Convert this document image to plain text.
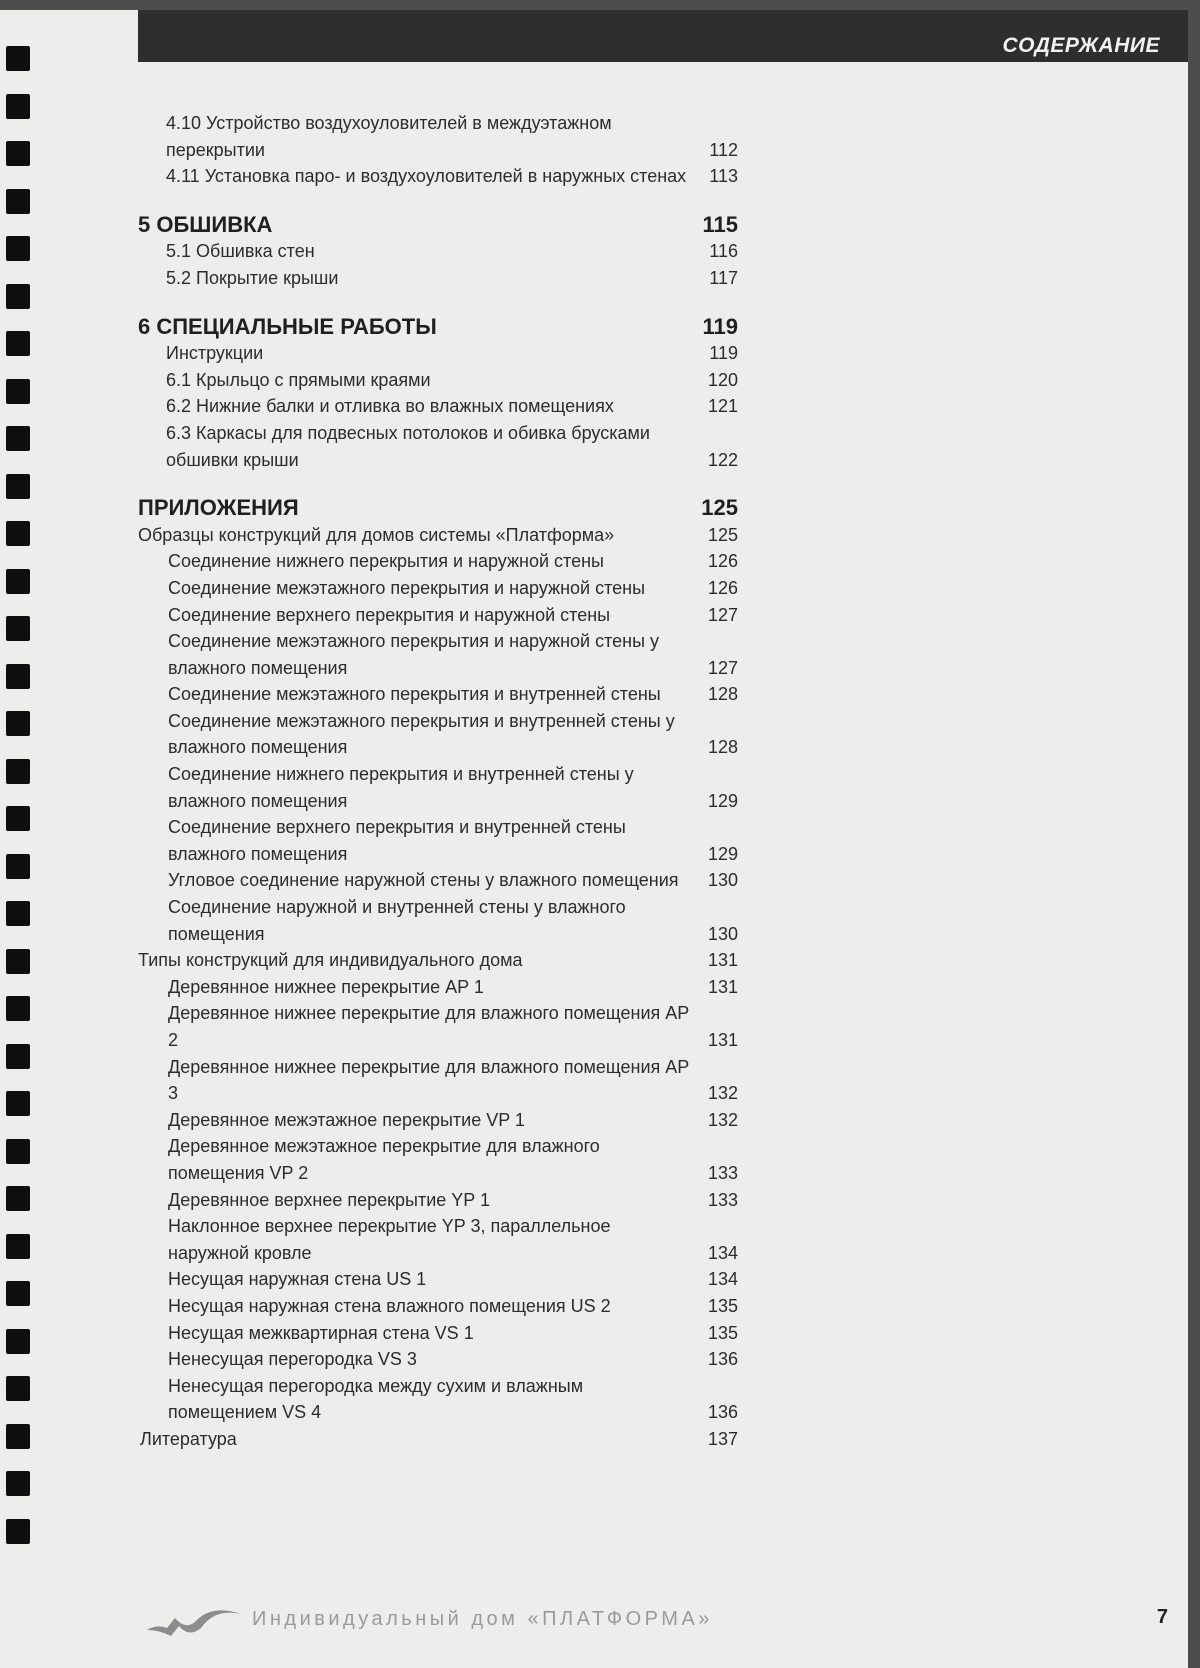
СОДЕРЖАНИЕ
4.10 Устройство воздухоуловителей в междуэтажном перекрытии	112
4.11 Установка паро- и воздухоуловителей в наружных стенах	113
5 ОБШИВКА	115
5.1 Обшивка стен	116
5.2 Покрытие крыши	117
6 СПЕЦИАЛЬНЫЕ РАБОТЫ	119
Инструкции	119
6.1 Крыльцо с прямыми краями	120
6.2 Нижние балки и отливка во влажных помещениях	121
6.3 Каркасы для подвесных потолоков и обивка брусками обшивки крыши	122
ПРИЛОЖЕНИЯ	125
Образцы конструкций для домов системы «Платформа»	125
Соединение нижнего перекрытия и наружной стены	126
Соединение межэтажного перекрытия и наружной стены	126
Соединение верхнего перекрытия и наружной стены	127
Соединение межэтажного перекрытия и наружной стены у влажного помещения	127
Соединение межэтажного перекрытия и внутренней стены	128
Соединение межэтажного перекрытия и внутренней стены у влажного помещения	128
Соединение нижнего перекрытия и внутренней стены у влажного помещения	129
Соединение верхнего перекрытия и внутренней стены влажного помещения	129
Угловое соединение наружной стены у влажного помещения	130
Соединение наружной и внутренней стены у влажного помещения	130
Типы конструкций для индивидуального дома	131
Деревянное нижнее перекрытие AP 1	131
Деревянное нижнее перекрытие для влажного помещения AP 2	131
Деревянное нижнее перекрытие для влажного помещения AP 3	132
Деревянное межэтажное перекрытие VP 1	132
Деревянное межэтажное перекрытие для влажного помещения VP 2	133
Деревянное верхнее перекрытие YP 1	133
Наклонное верхнее перекрытие YP 3, параллельное наружной кровле	134
Несущая наружная стена US 1	134
Несущая наружная стена влажного помещения US 2	135
Несущая межквартирная стена VS 1	135
Ненесущая перегородка VS 3	136
Ненесущая перегородка между сухим и влажным помещением VS 4	136
Литература	137
Индивидуальный дом «ПЛАТФОРМА»	7
